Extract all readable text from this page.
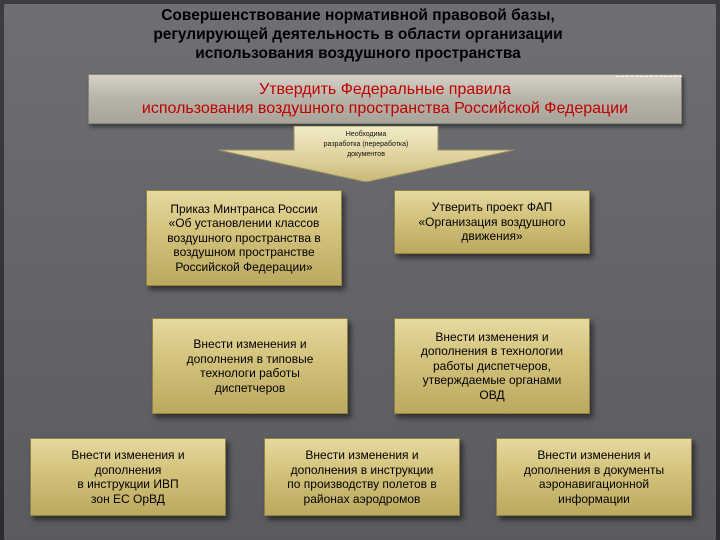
Совершенствование нормативной правовой базы,
регулирующей деятельность в области организации
использования воздушного пространства
Утвердить Федеральные правила
использования воздушного пространства Российской Федерации
Необходима
разработка (переработка)
документов
Приказ Минтранса России
«Об установлении классов
воздушного пространства в
воздушном пространстве
Российской Федерации»
Утверить проект ФАП
«Организация воздушного
движения»
Внести изменения и
дополнения в типовые
технологи работы
диспетчеров
Внести изменения и
дополнения в технологии
работы диспетчеров,
утверждаемые органами
ОВД
Внести изменения и
дополнения
в инструкции ИВП
зон ЕС ОрВД
Внести изменения и
дополнения в инструкции
по производству полетов в
районах аэродромов
Внести изменения и
дополнения в документы
аэронавигационной
информации
